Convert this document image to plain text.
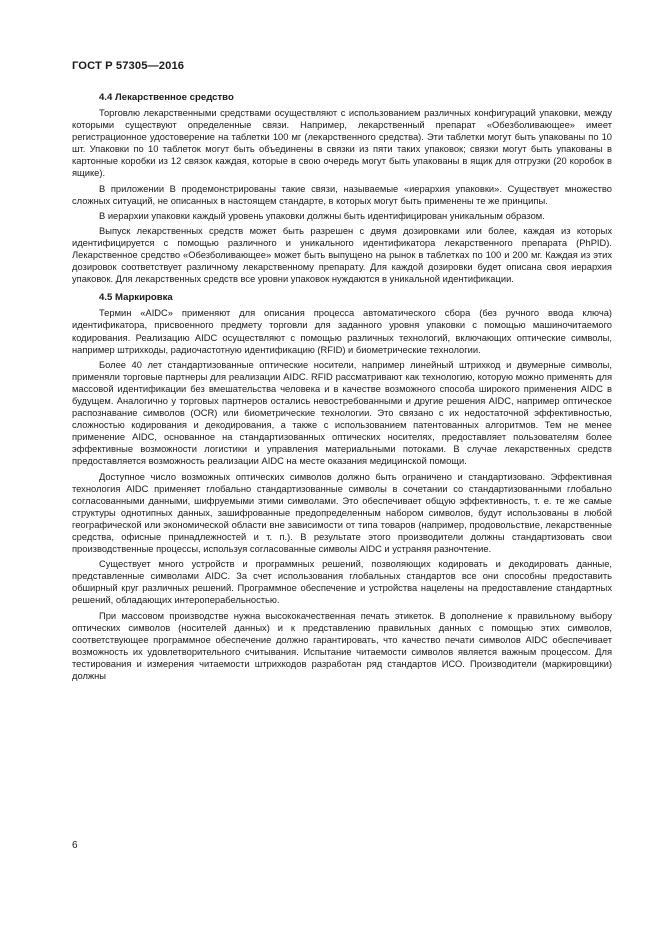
ГОСТ Р 57305—2016
4.4 Лекарственное средство

Торговлю лекарственными средствами осуществляют с использованием различных конфигураций упаковки, между которыми существуют определенные связи. Например, лекарственный препарат «Обезболивающее» имеет регистрационное удостоверение на таблетки 100 мг (лекарственного средства). Эти таблетки могут быть упакованы по 10 шт. Упаковки по 10 таблеток могут быть объединены в связки из пяти таких упаковок; связки могут быть упакованы в картонные коробки из 12 связок каждая, которые в свою очередь могут быть упакованы в ящик для отгрузки (20 коробок в ящике).

В приложении В продемонстрированы такие связи, называемые «иерархия упаковки». Существует множество сложных ситуаций, не описанных в настоящем стандарте, в которых могут быть применены те же принципы.

В иерархии упаковки каждый уровень упаковки должны быть идентифицирован уникальным образом.

Выпуск лекарственных средств может быть разрешен с двумя дозировками или более, каждая из которых идентифицируется с помощью различного и уникального идентификатора лекарственного препарата (PhPID). Лекарственное средство «Обезболивающее» может быть выпущено на рынок в таблетках по 100 и 200 мг. Каждая из этих дозировок соответствует различному лекарственному препарату. Для каждой дозировки будет описана своя иерархия упаковок. Для лекарственных средств все уровни упаковок нуждаются в уникальной идентификации.

4.5 Маркировка

Термин «AIDC» применяют для описания процесса автоматического сбора (без ручного ввода ключа) идентификатора, присвоенного предмету торговли для заданного уровня упаковки с помощью машиночитаемого кодирования. Реализацию AIDC осуществляют с помощью различных технологий, включающих оптические символы, например штрихкоды, радиочастотную идентификацию (RFID) и биометрические технологии.

Более 40 лет стандартизованные оптические носители, например линейный штрихкод и двумерные символы, применяли торговые партнеры для реализации AIDC. RFID рассматривают как технологию, которую можно применять для массовой идентификации без вмешательства человека и в качестве возможного способа широкого применения AIDC в будущем. Аналогично у торговых партнеров остались невостребованными и другие решения AIDC, например оптическое распознавание символов (OCR) или биометрические технологии. Это связано с их недостаточной эффективностью, сложностью кодирования и декодирования, а также с использованием патентованных алгоритмов. Тем не менее применение AIDC, основанное на стандартизованных оптических носителях, предоставляет пользователям более эффективные возможности логистики и управления материальными потоками. В случае лекарственных средств предоставляется возможность реализации AIDC на месте оказания медицинской помощи.

Доступное число возможных оптических символов должно быть ограничено и стандартизовано. Эффективная технология AIDC применяет глобально стандартизованные символы в сочетании со стандартизованными глобально согласованными данными, шифруемыми этими символами. Это обеспечивает общую эффективность, т. е. те же самые структуры однотипных данных, зашифрованные предопределенным набором символов, будут использованы в любой географической или экономической области вне зависимости от типа товаров (например, продовольствие, лекарственные средства, офисные принадлежностей и т. п.). В результате этого производители должны стандартизовать свои производственные процессы, используя согласованные символы AIDC и устраняя разночтение.

Существует много устройств и программных решений, позволяющих кодировать и декодировать данные, представленные символами AIDC. За счет использования глобальных стандартов все они способны предоставить обширный круг различных решений. Программное обеспечение и устройства нацелены на предоставление стандартных решений, обладающих интероперабельностью.

При массовом производстве нужна высококачественная печать этикеток. В дополнение к правильному выбору оптических символов (носителей данных) и к представлению правильных данных с помощью этих символов, соответствующее программное обеспечение должно гарантировать, что качество печати символов AIDC обеспечивает возможность их удовлетворительного считывания. Испытание читаемости символов является важным процессом. Для тестирования и измерения читаемости штрихкодов разработан ряд стандартов ИСО. Производители (маркировщики) должны

6
